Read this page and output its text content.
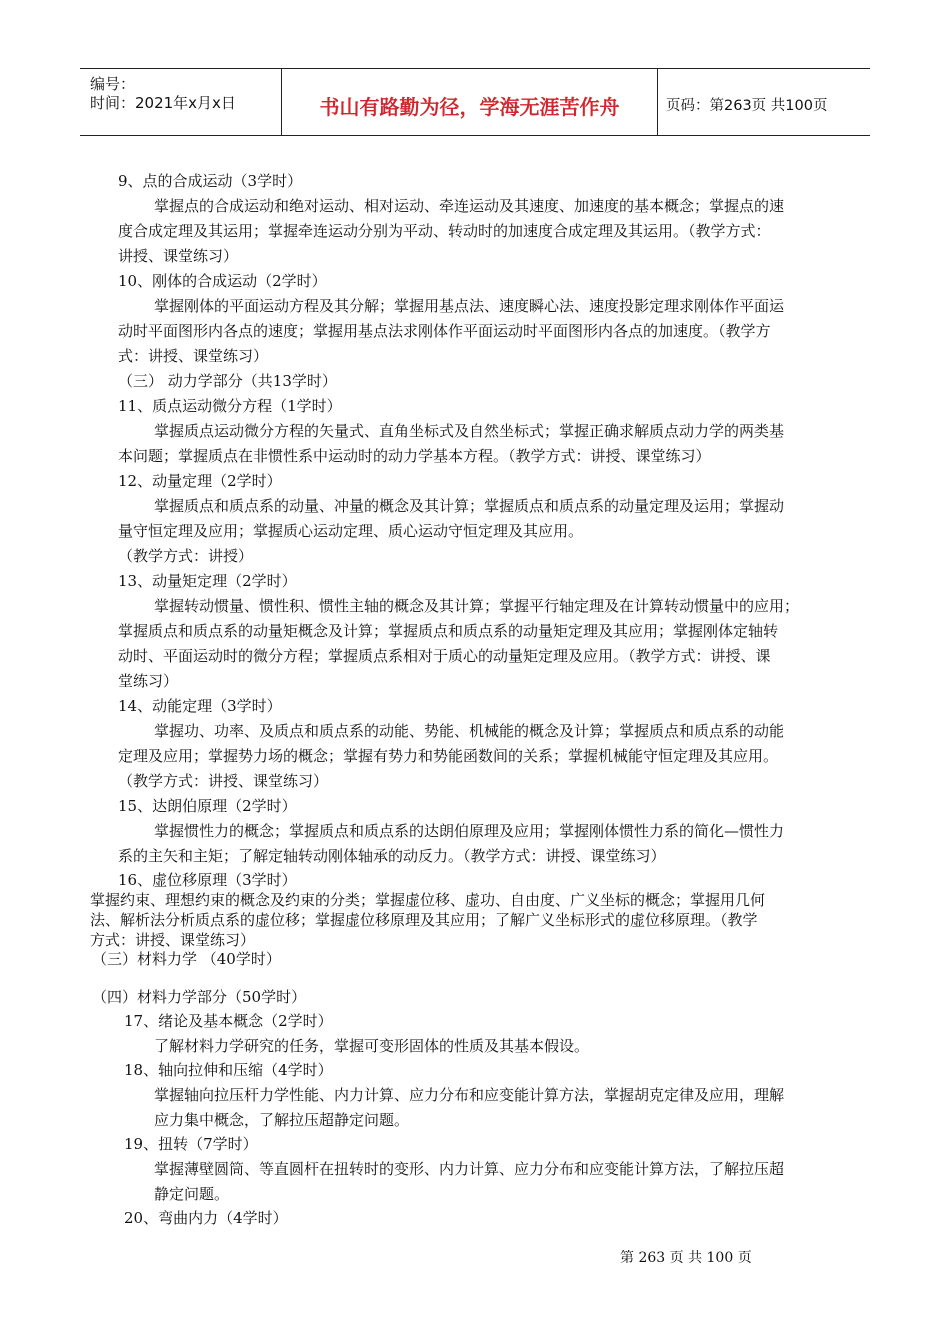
编号：
时间：2021年x月x日	书山有路勤为径，学海无涯苦作舟	页码：第263页 共100页
9、点的合成运动（3学时）
掌握点的合成运动和绝对运动、相对运动、牵连运动及其速度、加速度的基本概念；掌握点的速
度合成定理及其运用；掌握牵连运动分别为平动、转动时的加速度合成定理及其运用。（教学方式：
讲授、课堂练习）
10、刚体的合成运动（2学时）
掌握刚体的平面运动方程及其分解；掌握用基点法、速度瞬心法、速度投影定理求刚体作平面运
动时平面图形内各点的速度；掌握用基点法求刚体作平面运动时平面图形内各点的加速度。（教学方
式：讲授、课堂练习）
（三） 动力学部分（共13学时）
11、质点运动微分方程（1学时）
掌握质点运动微分方程的矢量式、直角坐标式及自然坐标式；掌握正确求解质点动力学的两类基
本问题；掌握质点在非惯性系中运动时的动力学基本方程。（教学方式：讲授、课堂练习）
12、动量定理（2学时）
掌握质点和质点系的动量、冲量的概念及其计算；掌握质点和质点系的动量定理及运用；掌握动
量守恒定理及应用；掌握质心运动定理、质心运动守恒定理及其应用。
（教学方式：讲授）
13、动量矩定理（2学时）
掌握转动惯量、惯性积、惯性主轴的概念及其计算；掌握平行轴定理及在计算转动惯量中的应用；
掌握质点和质点系的动量矩概念及计算；掌握质点和质点系的动量矩定理及其应用；掌握刚体定轴转
动时、平面运动时的微分方程；掌握质点系相对于质心的动量矩定理及应用。（教学方式：讲授、课
堂练习）
14、动能定理（3学时）
掌握功、功率、及质点和质点系的动能、势能、机械能的概念及计算；掌握质点和质点系的动能
定理及应用；掌握势力场的概念；掌握有势力和势能函数间的关系；掌握机械能守恒定理及其应用。
（教学方式：讲授、课堂练习）
15、达朗伯原理（2学时）
掌握惯性力的概念；掌握质点和质点系的达朗伯原理及应用；掌握刚体惯性力系的简化—惯性力
系的主矢和主矩；了解定轴转动刚体轴承的动反力。（教学方式：讲授、课堂练习）
16、虚位移原理（3学时）
掌握约束、理想约束的概念及约束的分类；掌握虚位移、虚功、自由度、广义坐标的概念；掌握用几何
法、解析法分析质点系的虚位移；掌握虚位移原理及其应用；了解广义坐标形式的虚位移原理。（教学
方式：讲授、课堂练习）
（三）材料力学 （40学时）
（四）材料力学部分（50学时）
17、绪论及基本概念（2学时）
了解材料力学研究的任务，掌握可变形固体的性质及其基本假设。
18、轴向拉伸和压缩（4学时）
掌握轴向拉压杆力学性能、内力计算、应力分布和应变能计算方法，掌握胡克定律及应用，理解
应力集中概念，了解拉压超静定问题。
19、扭转（7学时）
掌握薄壁圆筒、等直圆杆在扭转时的变形、内力计算、应力分布和应变能计算方法，了解拉压超
静定问题。
20、弯曲内力（4学时）
第 263 页 共 100 页
